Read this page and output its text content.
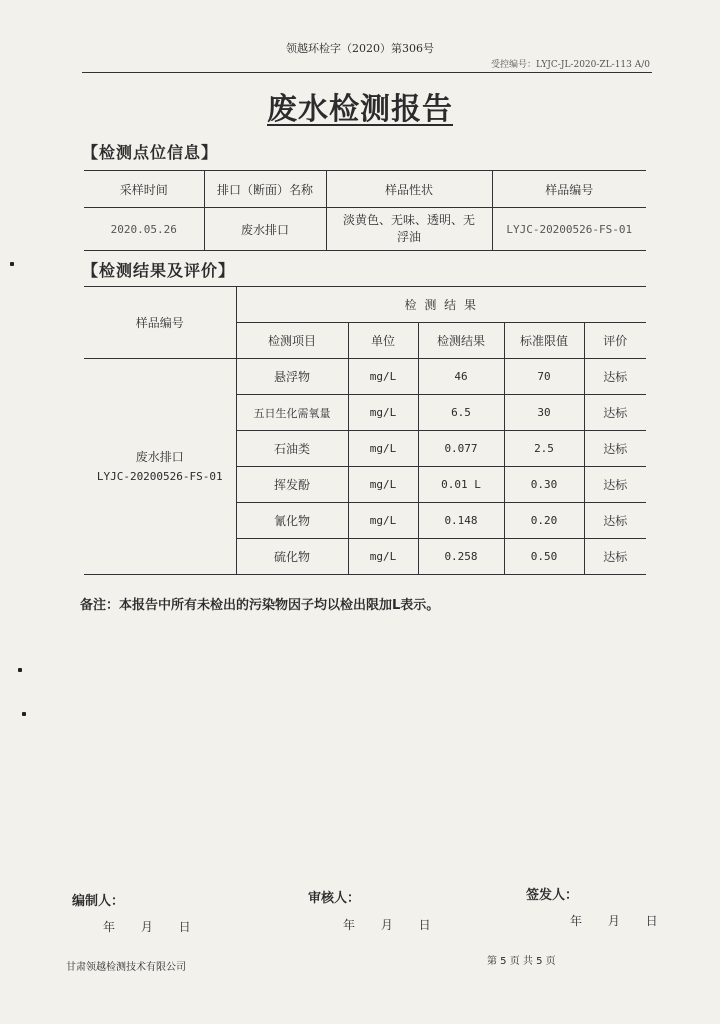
领越环检字（2020）第306号
受控编号：LYJC-JL-2020-ZL-113 A/0
废水检测报告
【检测点位信息】
采样时间	排口（断面）名称	样品性状	样品编号
2020.05.26	废水排口	淡黄色、无味、透明、无浮油	LYJC-20200526-FS-01
【检测结果及评价】
样品编号	检 测 结 果				
	检测项目	单位	检测结果	标准限值	评价

废水排口
LYJC-20200526-FS-01	悬浮物	mg/L	46	70	达标
	五日生化需氧量	mg/L	6.5	30	达标
	石油类	mg/L	0.077	2.5	达标
	挥发酚	mg/L	0.01 L	0.30	达标
	氰化物	mg/L	0.148	0.20	达标
	硫化物	mg/L	0.258	0.50	达标
备注：本报告中所有未检出的污染物因子均以检出限加L表示。
编制人：	审核人：	签发人：
年 月 日	年 月 日	年 月 日
甘肃领越检测技术有限公司
第 5 页 共 5 页
